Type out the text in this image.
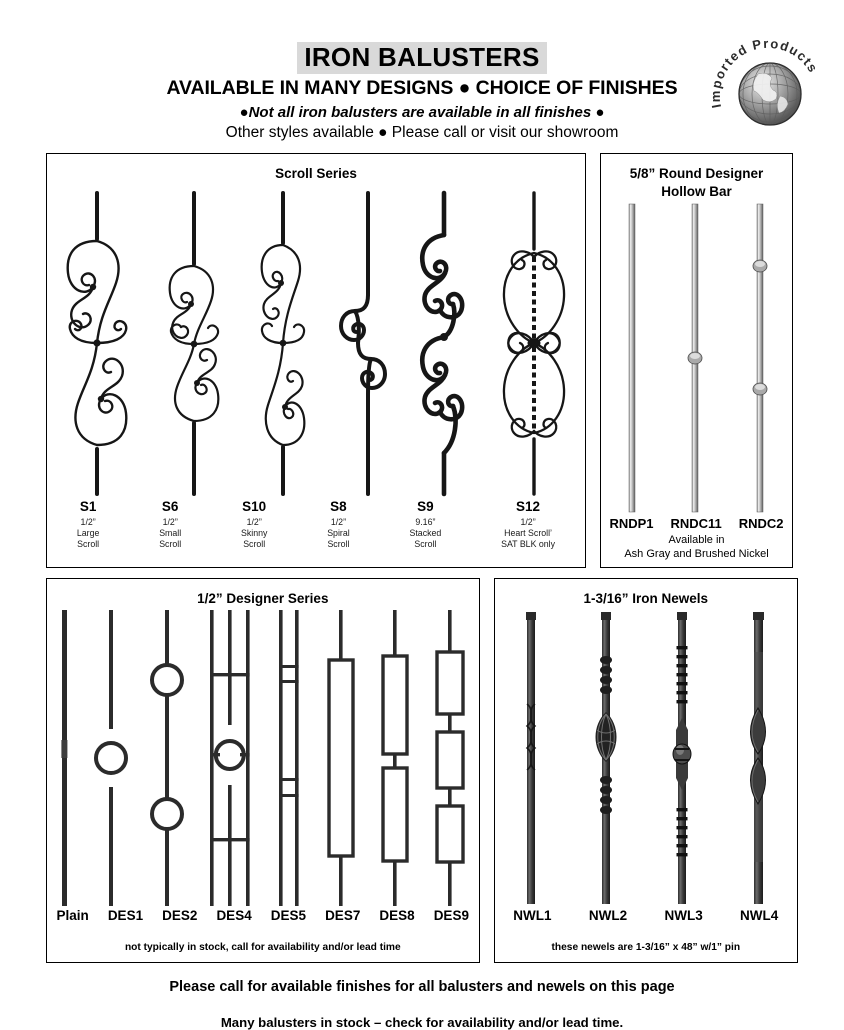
IRON BALUSTERS
AVAILABLE IN MANY DESIGNS ● CHOICE OF FINISHES
●Not all iron balusters are available in all finishes ●
Other styles available ● Please call or visit our showroom
Imported Products
Scroll Series
S1
1/2”
Large
Scroll
S6
1/2”
Small
Scroll
S10
1/2”
Skinny
Scroll
S8
1/2”
Spiral
Scroll
S9
9.16”
Stacked
Scroll
S12
1/2”
Heart Scroll’
SAT BLK only
5/8” Round Designer
Hollow Bar
RNDP1 RNDC11 RNDC2
Available in
Ash Gray and Brushed Nickel
1/2” Designer Series
Plain DES1 DES2 DES4 DES5 DES7 DES8 DES9
not typically in stock, call for availability and/or lead time
1-3/16” Iron Newels
NWL1	NWL2	NWL3	NWL4
these newels are 1-3/16” x 48” w/1” pin
Please call for available finishes for all balusters and newels on this page
Many balusters in stock – check for availability and/or lead time.
